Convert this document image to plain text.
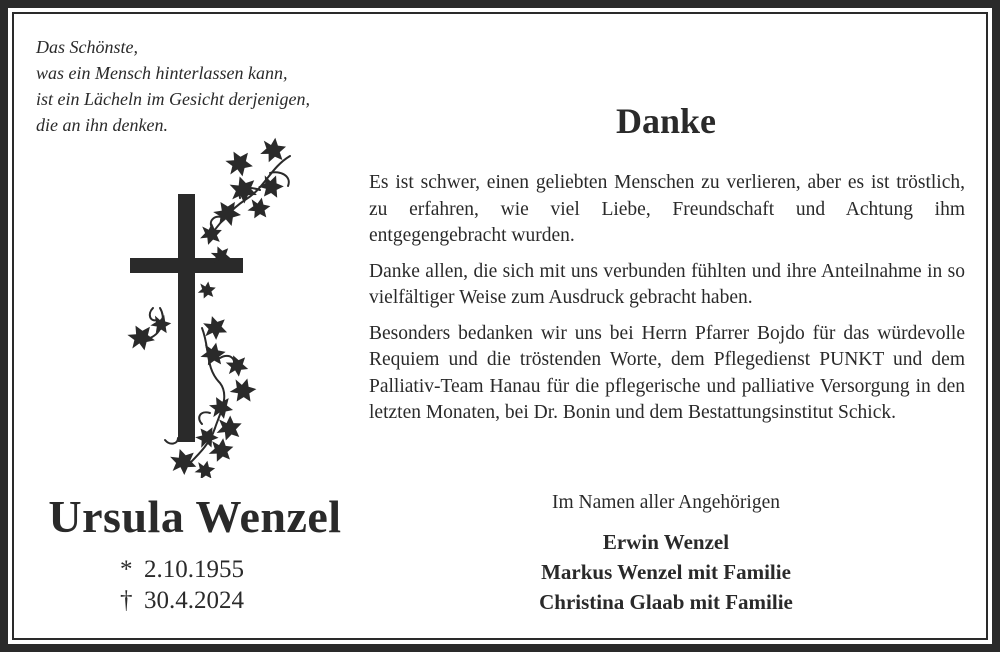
Das Schönste,
was ein Mensch hinterlassen kann,
ist ein Lächeln im Gesicht derjenigen,
die an ihn denken.
Ursula Wenzel
* 2.10.1955
† 30.4.2024
Danke

Es ist schwer, einen geliebten Menschen zu verlieren, aber es ist tröstlich, zu erfahren, wie viel Liebe, Freundschaft und Achtung ihm entgegengebracht wurden.

Danke allen, die sich mit uns verbunden fühlten und ihre Anteilnahme in so vielfältiger Weise zum Ausdruck gebracht haben.

Besonders bedanken wir uns bei Herrn Pfarrer Bojdo für das würdevolle Requiem und die tröstenden Worte, dem Pflegedienst PUNKT und dem Palliativ-Team Hanau für die pflegerische und palliative Versorgung in den letzten Monaten, bei Dr. Bonin und dem Bestattungsinstitut Schick.

Im Namen aller Angehörigen
Erwin Wenzel
Markus Wenzel mit Familie
Christina Glaab mit Familie
